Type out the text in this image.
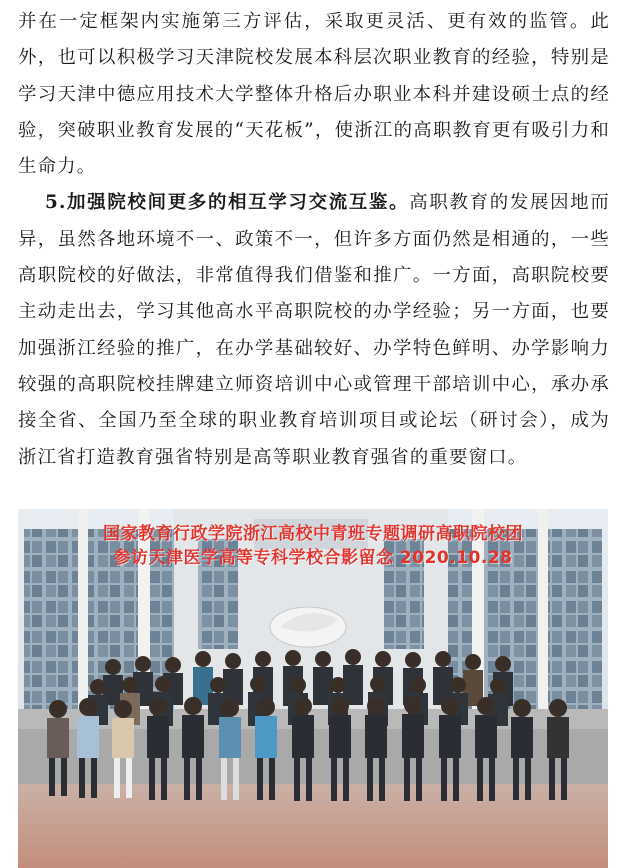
并在一定框架内实施第三方评估，采取更灵活、更有效的监管。此外，也可以积极学习天津院校发展本科层次职业教育的经验，特别是学习天津中德应用技术大学整体升格后办职业本科并建设硕士点的经验，突破职业教育发展的“天花板”，使浙江的高职教育更有吸引力和生命力。

5.加强院校间更多的相互学习交流互鉴。高职教育的发展因地而异，虽然各地环境不一、政策不一，但许多方面仍然是相通的，一些高职院校的好做法，非常值得我们借鉴和推广。一方面，高职院校要主动走出去，学习其他高水平高职院校的办学经验；另一方面，也要加强浙江经验的推广，在办学基础较好、办学特色鲜明、办学影响力较强的高职院校挂牌建立师资培训中心或管理干部培训中心，承办承接全省、全国乃至全球的职业教育培训项目或论坛（研讨会），成为浙江省打造教育强省特别是高等职业教育强省的重要窗口。

国家教育行政学院浙江高校中青班专题调研高职院校团
参访天津医学高等专科学校合影留念 2020.10.28
